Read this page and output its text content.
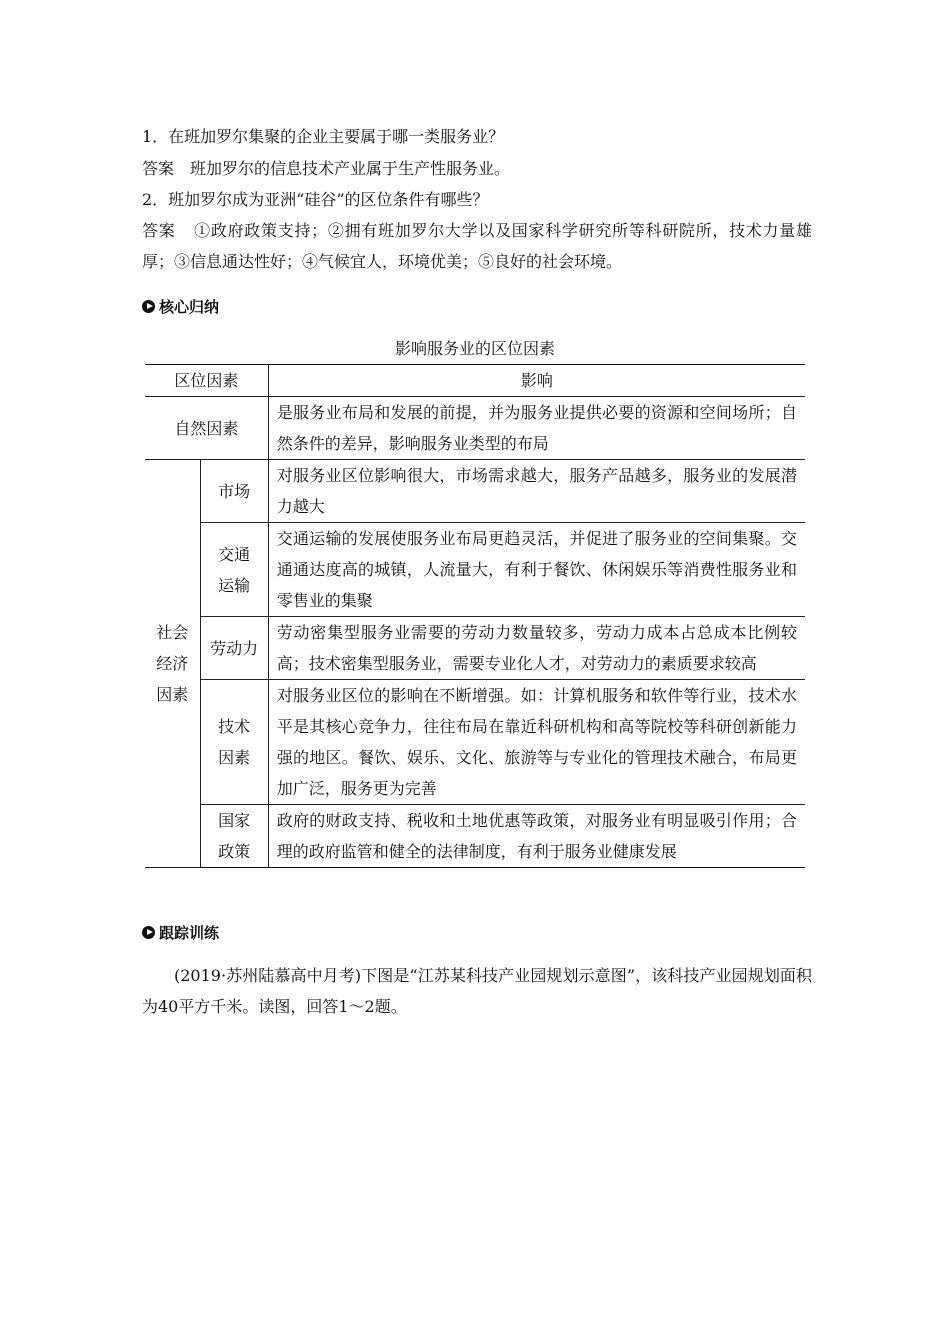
1．在班加罗尔集聚的企业主要属于哪一类服务业？
答案 班加罗尔的信息技术产业属于生产性服务业。
2．班加罗尔成为亚洲“硅谷”的区位条件有哪些？
答案 ①政府政策支持；②拥有班加罗尔大学以及国家科学研究所等科研院所，技术力量雄厚；③信息通达性好；④气候宜人，环境优美；⑤良好的社会环境。
核心归纳
影响服务业的区位因素
区位因素		影响
自然因素		是服务业布局和发展的前提，并为服务业提供必要的资源和空间场所；自然条件的差异，影响服务业类型的布局

社会经济因素	市场	对服务业区位影响很大，市场需求越大，服务产品越多，服务业的发展潜力越大

	交通运输	交通运输的发展使服务业布局更趋灵活，并促进了服务业的空间集聚。交通通达度高的城镇，人流量大，有利于餐饮、休闲娱乐等消费性服务业和零售业的集聚

	劳动力	劳动密集型服务业需要的劳动力数量较多，劳动力成本占总成本比例较高；技术密集型服务业，需要专业化人才，对劳动力的素质要求较高

	技术因素	对服务业区位的影响在不断增强。如：计算机服务和软件等行业，技术水平是其核心竞争力，往往布局在靠近科研机构和高等院校等科研创新能力强的地区。餐饮、娱乐、文化、旅游等与专业化的管理技术融合，布局更加广泛，服务更为完善

	国家政策	政府的财政支持、税收和土地优惠等政策，对服务业有明显吸引作用；合理的政府监管和健全的法律制度，有利于服务业健康发展
跟踪训练
(2019·苏州陆慕高中月考)下图是“江苏某科技产业园规划示意图”，该科技产业园规划面积为40平方千米。读图，回答1～2题。
